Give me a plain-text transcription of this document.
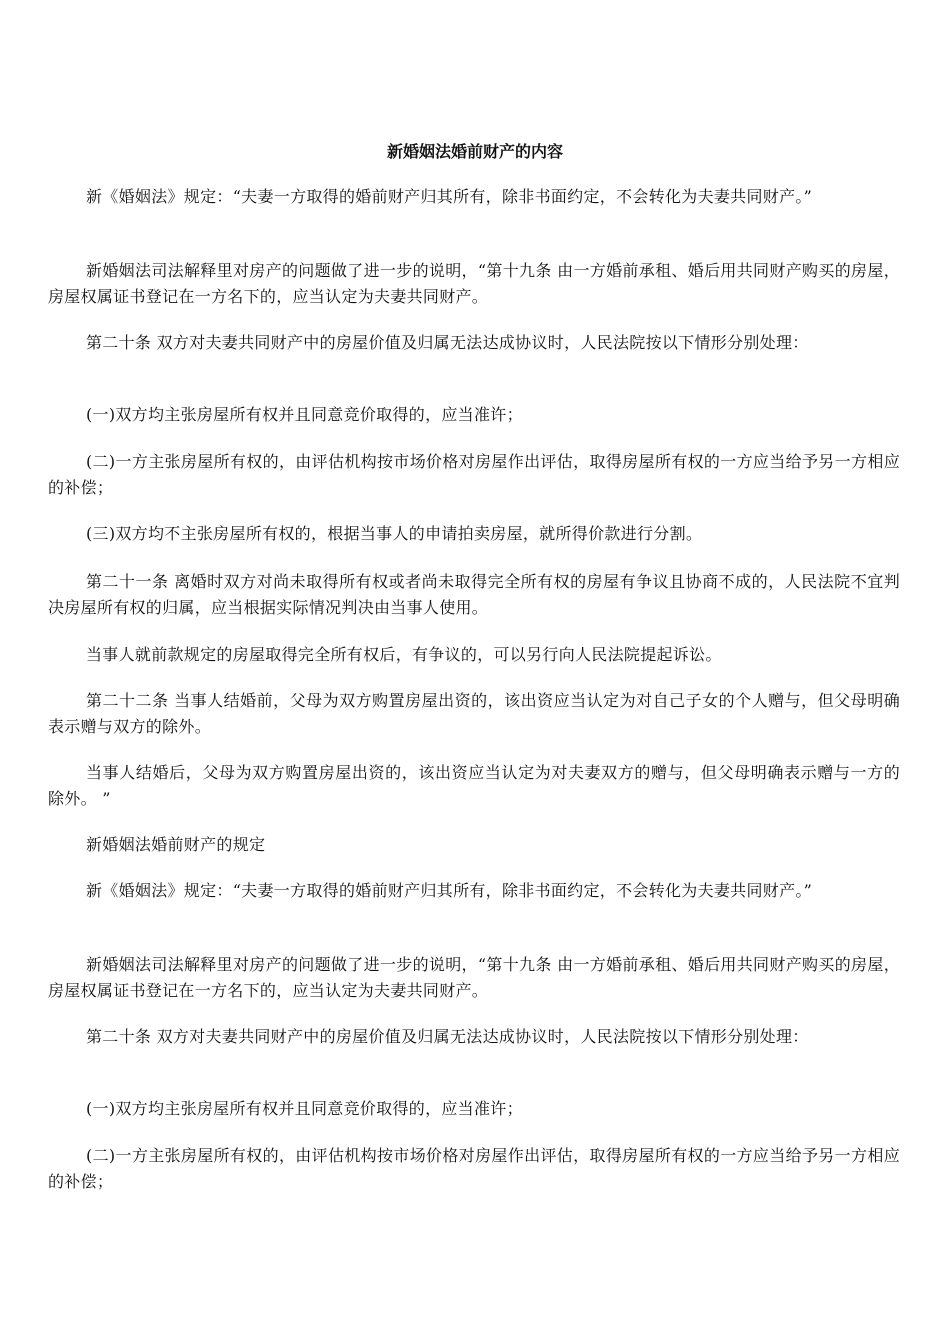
新婚姻法婚前财产的内容

新《婚姻法》规定：“夫妻一方取得的婚前财产归其所有，除非书面约定，不会转化为夫妻共同财产。”

新婚姻法司法解释里对房产的问题做了进一步的说明，“第十九条 由一方婚前承租、婚后用共同财产购买的房屋，房屋权属证书登记在一方名下的，应当认定为夫妻共同财产。

第二十条 双方对夫妻共同财产中的房屋价值及归属无法达成协议时，人民法院按以下情形分别处理：

(一)双方均主张房屋所有权并且同意竞价取得的，应当准许；

(二)一方主张房屋所有权的，由评估机构按市场价格对房屋作出评估，取得房屋所有权的一方应当给予另一方相应的补偿；

(三)双方均不主张房屋所有权的，根据当事人的申请拍卖房屋，就所得价款进行分割。

第二十一条 离婚时双方对尚未取得所有权或者尚未取得完全所有权的房屋有争议且协商不成的，人民法院不宜判决房屋所有权的归属，应当根据实际情况判决由当事人使用。

当事人就前款规定的房屋取得完全所有权后，有争议的，可以另行向人民法院提起诉讼。

第二十二条 当事人结婚前，父母为双方购置房屋出资的，该出资应当认定为对自己子女的个人赠与，但父母明确表示赠与双方的除外。

当事人结婚后，父母为双方购置房屋出资的，该出资应当认定为对夫妻双方的赠与，但父母明确表示赠与一方的除外。 ”

新婚姻法婚前财产的规定

新《婚姻法》规定：“夫妻一方取得的婚前财产归其所有，除非书面约定，不会转化为夫妻共同财产。”

新婚姻法司法解释里对房产的问题做了进一步的说明，“第十九条 由一方婚前承租、婚后用共同财产购买的房屋，房屋权属证书登记在一方名下的，应当认定为夫妻共同财产。

第二十条 双方对夫妻共同财产中的房屋价值及归属无法达成协议时，人民法院按以下情形分别处理：

(一)双方均主张房屋所有权并且同意竞价取得的，应当准许；

(二)一方主张房屋所有权的，由评估机构按市场价格对房屋作出评估，取得房屋所有权的一方应当给予另一方相应的补偿；
